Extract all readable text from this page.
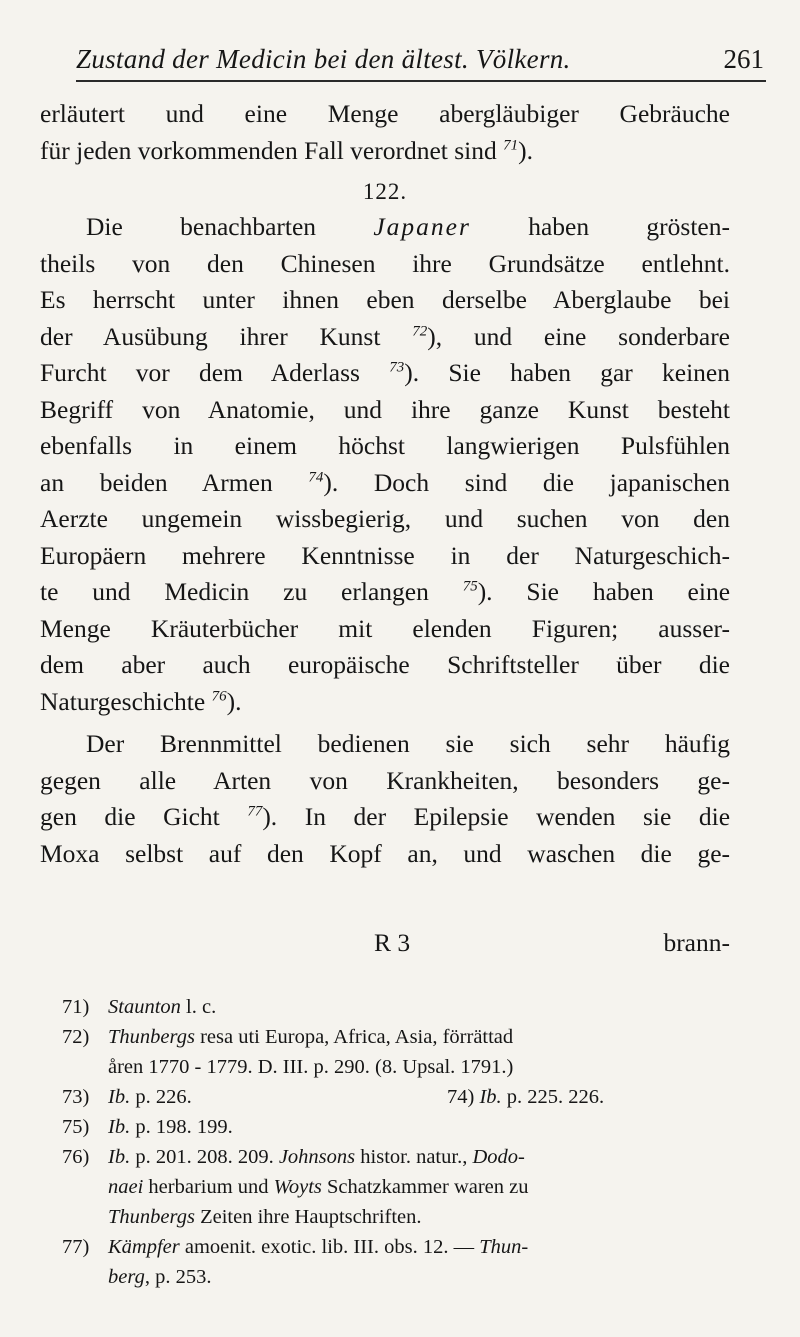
Zustand der Medicin bei den ältest. Völkern.	261

erläutert und eine Menge abergläubiger Gebräuche

für jeden vorkommenden Fall verordnet sind $^{71}$).

122.

Die benachbarten Japaner haben grösten-

theils von den Chinesen ihre Grundsätze entlehnt.

Es herrscht unter ihnen eben derselbe Aberglaube bei

der Ausübung ihrer Kunst $^{72}$), und eine sonderbare

Furcht vor dem Aderlass $^{73}$). Sie haben gar keinen

Begriff von Anatomie, und ihre ganze Kunst besteht

ebenfalls in einem höchst langwierigen Pulsfühlen

an beiden Armen $^{74}$). Doch sind die japanischen

Aerzte ungemein wissbegierig, und suchen von den

Europäern mehrere Kenntnisse in der Naturgeschich-

te und Medicin zu erlangen $^{75}$). Sie haben eine

Menge Kräuterbücher mit elenden Figuren; ausser-

dem aber auch europäische Schriftsteller über die

Naturgeschichte $^{76}$).

Der Brennmittel bedienen sie sich sehr häufig

gegen alle Arten von Krankheiten, besonders ge-

gen die Gicht $^{77}$). In der Epilepsie wenden sie die

Moxa selbst auf den Kopf an, und waschen die ge-

R 3	brann-
71) Staunton l. c.
72) Thunbergs resa uti Europa, Africa, Asia, förrättad
åren 1770 - 1779. D. III. p. 290. (8. Upsal. 1791.)
73) Ib. p. 226.	74) Ib. p. 225. 226.
75) Ib. p. 198. 199.
76) Ib. p. 201. 208. 209. Johnsons histor. natur., Dodo-
naei herbarium und Woyts Schatzkammer waren zu
Thunbergs Zeiten ihre Hauptschriften.
77) Kämpfer amoenit. exotic. lib. III. obs. 12. — Thun-
berg, p. 253.
